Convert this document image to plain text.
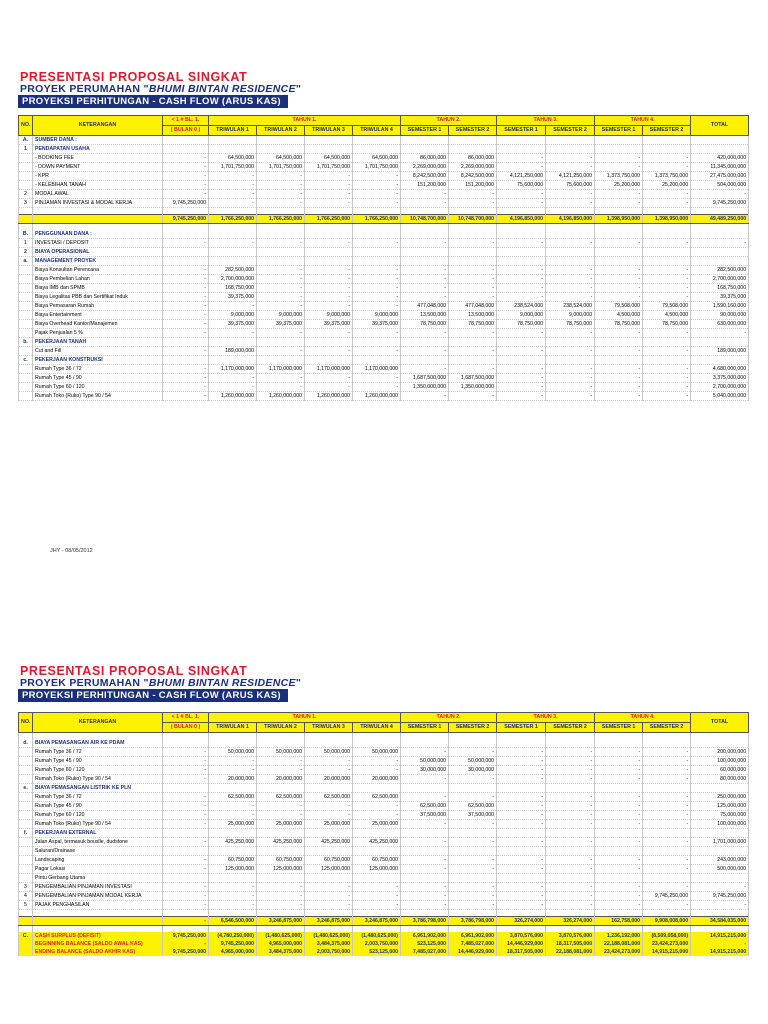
PRESENTASI PROPOSAL SINGKAT
PROYEK PERUMAHAN "BHUMI BINTAN RESIDENCE"
PROYEKSI PERHITUNGAN - CASH FLOW (ARUS KAS)
NO.	KETERANGAN	< 1 # BL. 1.	TAHUN 1.				TAHUN 2.		TAHUN 3.		TAHUN 4.		TOTAL
		( BULAN 0 )	TRIWULAN 1	TRIWULAN 2	TRIWULAN 3	TRIWULAN 4	SEMESTER 1	SEMESTER 2	SEMESTER 1	SEMESTER 2	SEMESTER 1	SEMESTER 2	
A.	SUMBER DANA :												
1	PENDAPATAN USAHA												
	- BOOKING FEE	-	64,500,000	64,500,000	64,500,000	64,500,000	86,000,000	86,000,000	-	-	-	-	420,000,000
	- DOWN PAYMENT	-	1,701,750,000	1,701,750,000	1,701,750,000	1,701,750,000	2,269,000,000	2,269,000,000	-	-	-	-	11,345,000,000
	- KPR	-	-	-	-	-	8,242,500,000	8,242,500,000	4,121,250,000	4,121,250,000	1,373,750,000	1,373,750,000	27,475,000,000
	- KELEBIHAN TANAH	-	-	-	-	-	151,200,000	151,200,000	75,600,000	75,600,000	25,200,000	25,200,000	504,000,000
2	MODAL AWAL	-	-	-	-	-	-	-	-	-	-	-	-
3	PINJAMAN INVESTASI & MODAL KERJA	9,745,250,000	-	-	-	-	-	-	-	-	-	-	9,745,250,000

		9,745,250,000	1,766,250,000	1,766,250,000	1,766,250,000	1,766,250,000	10,748,700,000	10,748,700,000	4,196,850,000	4,196,850,000	1,398,950,000	1,398,950,000	49,489,250,000

B.	PENGGUNAAN DANA :												
1	INVESTASI / DEPOSIT	-	-	-	-	-	-	-	-	-	-	-	-
2	BIAYA OPERASIONAL												
a.	MANAGEMENT PROYEK												
	Biaya Konsultan Perencana	-	282,500,000	-	-	-	-	-	-	-	-	-	282,500,000
	Biaya Pembelian Lahan	-	2,700,000,000	-	-	-	-	-	-	-	-	-	2,700,000,000
	Biaya IMB dan SPMB	-	168,750,000	-	-	-	-	-	-	-	-	-	168,750,000
	Biaya Legalitas PBB dan Sertifikat Induk	-	39,375,000	-	-	-	-	-	-	-	-	-	39,375,000
	Biaya Pemasaran Rumah	-	-	-	-	-	477,048,000	477,048,000	238,524,000	238,524,000	79,508,000	79,508,000	1,590,160,000
	Biaya Entertainment	-	9,000,000	9,000,000	9,000,000	9,000,000	13,500,000	13,500,000	9,000,000	9,000,000	4,500,000	4,500,000	90,000,000
	Biaya Overhead Kantor/Manajemen	-	39,375,000	39,375,000	39,375,000	39,375,000	78,750,000	78,750,000	78,750,000	78,750,000	78,750,000	78,750,000	630,000,000
	Pajak Penjualan 5 %	-	-	-	-	-	-	-	-	-	-	-	-
b.	PEKERJAAN TANAH												
	Cut and Fill	-	189,000,000	-	-	-	-	-	-	-	-	-	189,000,000
c.	PEKERJAAN KONSTRUKSI												
	Rumah Type 36 / 72	-	1,170,000,000	1,170,000,000	1,170,000,000	1,170,000,000	-	-	-	-	-	-	4,680,000,000
	Rumah Type 45 / 90	-	-	-	-	-	1,687,500,000	1,687,500,000	-	-	-	-	3,375,000,000
	Rumah Type 60 / 120	-	-	-	-	-	1,350,000,000	1,350,000,000	-	-	-	-	2,700,000,000
	Rumah Toko (Ruko) Type 90 / 54	-	1,260,000,000	1,260,000,000	1,260,000,000	1,260,000,000	-	-	-	-	-	-	5,040,000,000
JHY - 08/05/2012
PRESENTASI PROPOSAL SINGKAT
PROYEK PERUMAHAN "BHUMI BINTAN RESIDENCE"
PROYEKSI PERHITUNGAN - CASH FLOW (ARUS KAS)
NO.	KETERANGAN	< 1 # BL. 1.	TAHUN 1.				TAHUN 2.		TAHUN 3.		TAHUN 4.		TOTAL
		( BULAN 0 )	TRIWULAN 1	TRIWULAN 2	TRIWULAN 3	TRIWULAN 4	SEMESTER 1	SEMESTER 2	SEMESTER 1	SEMESTER 2	SEMESTER 1	SEMESTER 2	

d.	BIAYA PEMASANGAN AIR KE PDAM												
	Rumah Type 36 / 72	-	50,000,000	50,000,000	50,000,000	50,000,000	-	-	-	-	-	-	200,000,000
	Rumah Type 45 / 90	-	-	-	-	-	50,000,000	50,000,000	-	-	-	-	100,000,000
	Rumah Type 60 / 120	-	-	-	-	-	30,000,000	30,000,000	-	-	-	-	60,000,000
	Rumah Toko (Ruko) Type 90 / 54	-	20,000,000	20,000,000	20,000,000	20,000,000	-	-	-	-	-	-	80,000,000
e.	BIAYA PEMASANGAN LISTRIK KE PLN												
	Rumah Type 36 / 72	-	62,500,000	62,500,000	62,500,000	62,500,000	-	-	-	-	-	-	250,000,000
	Rumah Type 45 / 90	-	-	-	-	-	62,500,000	62,500,000	-	-	-	-	125,000,000
	Rumah Type 60 / 120	-	-	-	-	-	37,500,000	37,500,000	-	-	-	-	75,000,000
	Rumah Toko (Ruko) Type 90 / 54	-	25,000,000	25,000,000	25,000,000	25,000,000	-	-	-	-	-	-	100,000,000
f.	PEKERJAAN EXTERNAL												
	Jalan Aspal, termasuk bouslle, dudstone	-	425,250,000	425,250,000	425,250,000	425,250,000	-	-	-	-	-	-	1,701,000,000
	Saluran/Drainase												
	Landscaping	-	60,750,000	60,750,000	60,750,000	60,750,000	-	-	-	-	-	-	243,000,000
	Pagar Lokasi	-	125,000,000	125,000,000	125,000,000	125,000,000	-	-	-	-	-	-	500,000,000
	Pintu Gerbang Utama												
3	PENGEMBALIAN PINJAMAN INVESTASI	-	-	-	-	-	-	-	-	-	-	-	-
4	PENGEMBALIAN PINJAMAN MODAL KERJA	-	-	-	-	-	-	-	-	-	-	9,745,250,000	9,745,250,000
5	PAJAK PENGHASILAN	-	-	-	-	-	-	-	-	-	-	-	-

		-	6,546,500,000	3,246,875,000	3,246,875,000	3,246,875,000	3,786,798,000	3,786,798,000	326,274,000	326,274,000	162,758,000	9,908,008,000	34,584,035,000

C.	CASH SURPLUS (DEFISIT)	9,745,250,000	(4,780,250,000)	(1,480,625,000)	(1,480,625,000)	(1,480,625,000)	6,961,902,000	6,961,902,000	3,870,576,000	3,870,576,000	1,236,192,000	(8,509,058,000)	14,915,215,000
	BEGINNING BALANCE (SALDO AWAL KAS)	-	9,745,250,000	4,965,000,000	3,484,375,000	2,003,750,000	523,125,000	7,485,027,000	14,446,929,000	18,317,505,000	22,188,081,000	23,424,273,000	-
	ENDING BALANCE (SALDO AKHIR KAS)	9,745,250,000	4,965,000,000	3,484,375,000	2,003,750,000	523,125,000	7,485,027,000	14,446,929,000	18,317,505,000	22,188,081,000	23,424,273,000	14,915,215,000	14,915,215,000
